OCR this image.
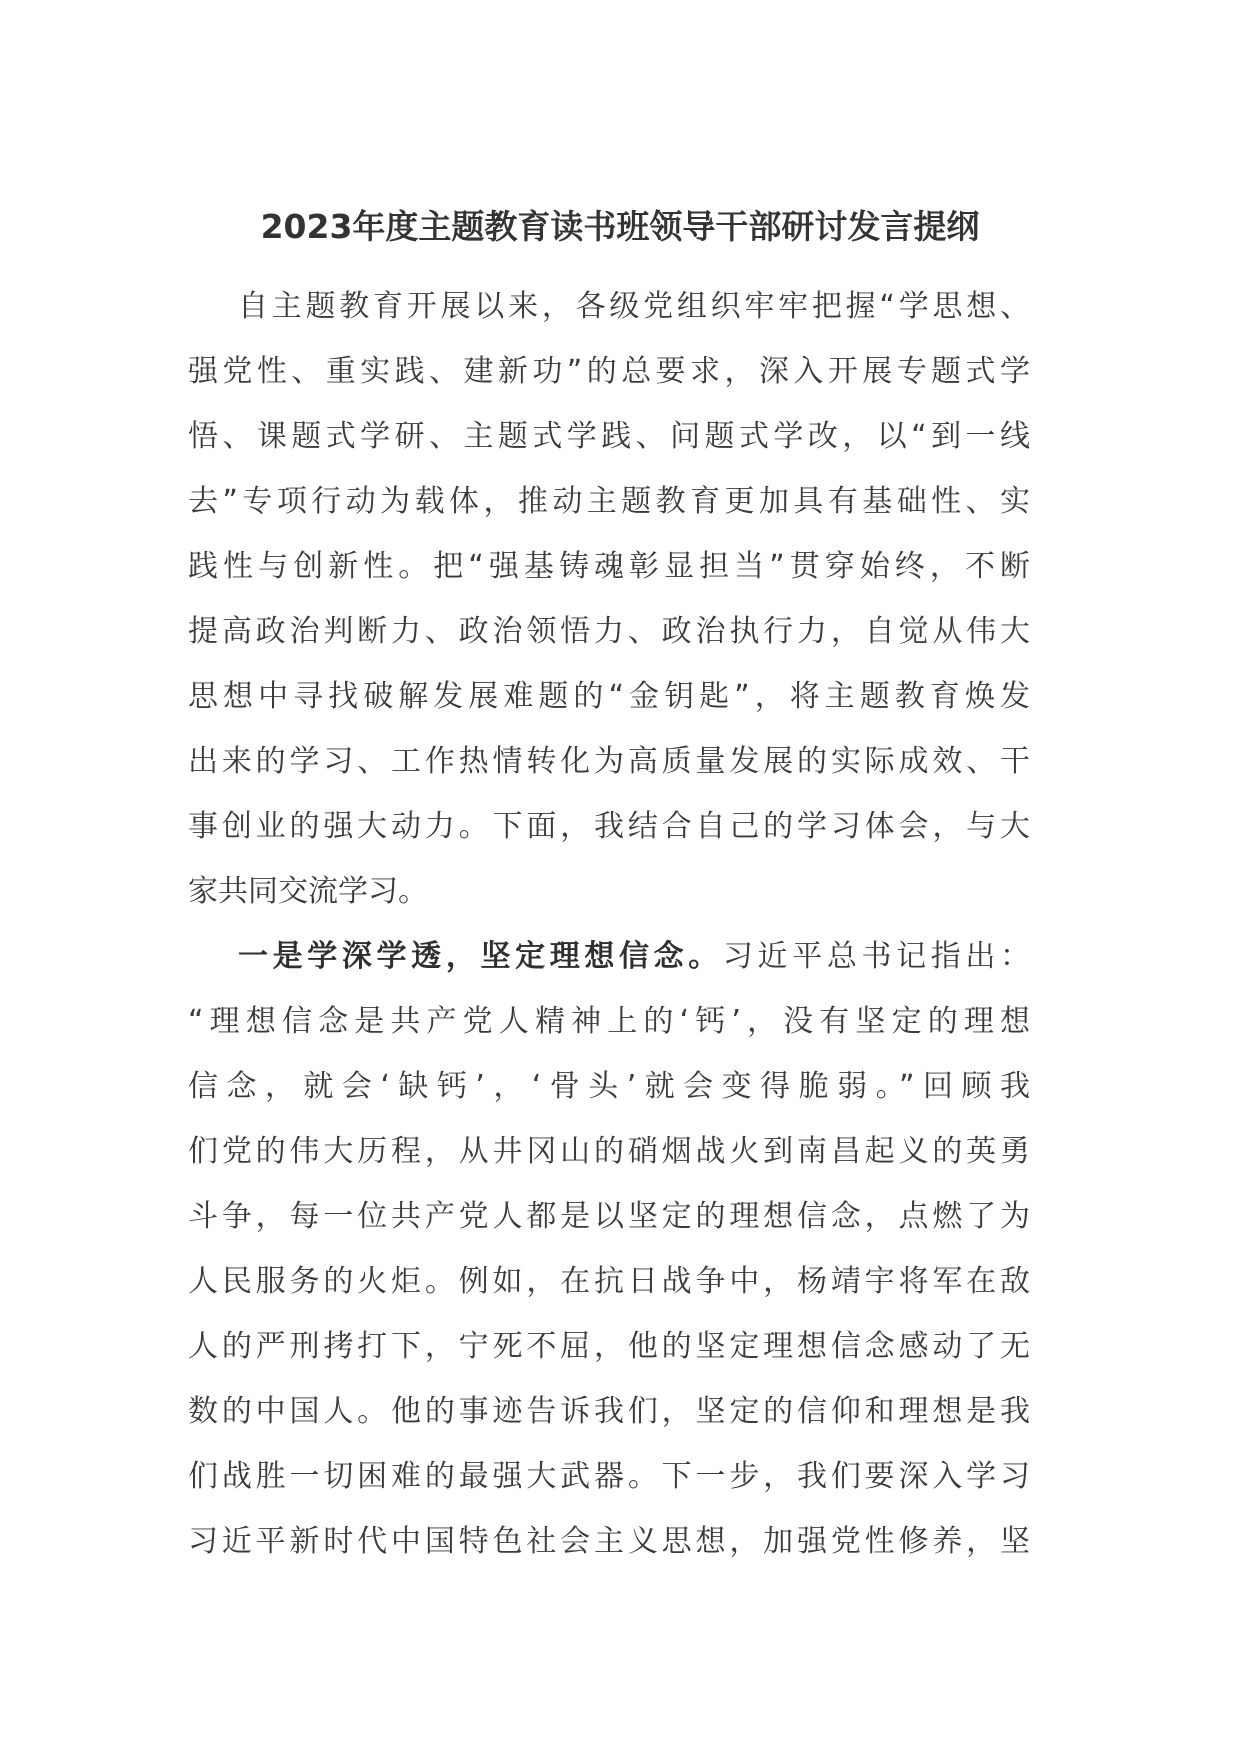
2023年度主题教育读书班领导干部研讨发言提纲
自主题教育开展以来，各级党组织牢牢把握“学思想、
强党性、重实践、建新功”的总要求，深入开展专题式学
悟、课题式学研、主题式学践、问题式学改，以“到一线
去”专项行动为载体，推动主题教育更加具有基础性、实
践性与创新性。把“强基铸魂彰显担当”贯穿始终，不断
提高政治判断力、政治领悟力、政治执行力，自觉从伟大
思想中寻找破解发展难题的“金钥匙”，将主题教育焕发
出来的学习、工作热情转化为高质量发展的实际成效、干
事创业的强大动力。下面，我结合自己的学习体会，与大
家共同交流学习。
一是学深学透，坚定理想信念。习近平总书记指出：
“理想信念是共产党人精神上的‘钙’，没有坚定的理想
信念，就会‘缺钙’，‘骨头’就会变得脆弱。”回顾我
们党的伟大历程，从井冈山的硝烟战火到南昌起义的英勇
斗争，每一位共产党人都是以坚定的理想信念，点燃了为
人民服务的火炬。例如，在抗日战争中，杨靖宇将军在敌
人的严刑拷打下，宁死不屈，他的坚定理想信念感动了无
数的中国人。他的事迹告诉我们，坚定的信仰和理想是我
们战胜一切困难的最强大武器。下一步，我们要深入学习
习近平新时代中国特色社会主义思想，加强党性修养，坚
